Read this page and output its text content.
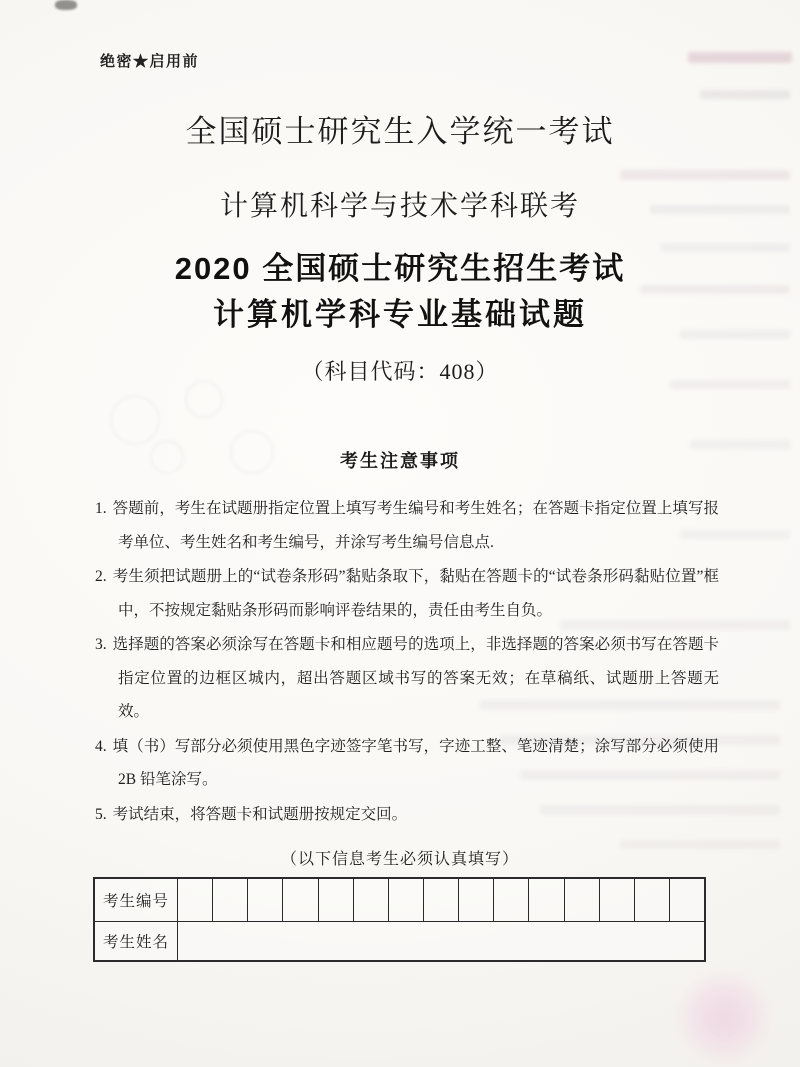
绝密★启用前
全国硕士研究生入学统一考试
计算机科学与技术学科联考
2020 全国硕士研究生招生考试
计算机学科专业基础试题
（科目代码：408）
考生注意事项

1. 答题前，考生在试题册指定位置上填写考生编号和考生姓名；在答题卡指定位置上填写报考单位、考生姓名和考生编号，并涂写考生编号信息点.

2. 考生须把试题册上的“试卷条形码”黏贴条取下，黏贴在答题卡的“试卷条形码黏贴位置”框中，不按规定黏贴条形码而影响评卷结果的，责任由考生自负。

3. 选择题的答案必须涂写在答题卡和相应题号的选项上，非选择题的答案必须书写在答题卡指定位置的边框区城内，超出答题区域书写的答案无效；在草稿纸、试题册上答题无效。

4. 填（书）写部分必须使用黑色字迹签字笔书写，字迹工整、笔迹清楚；涂写部分必须使用 2B 铅笔涂写。

5. 考试结束，将答题卡和试题册按规定交回。

（以下信息考生必须认真填写）
考生编号
考生姓名
